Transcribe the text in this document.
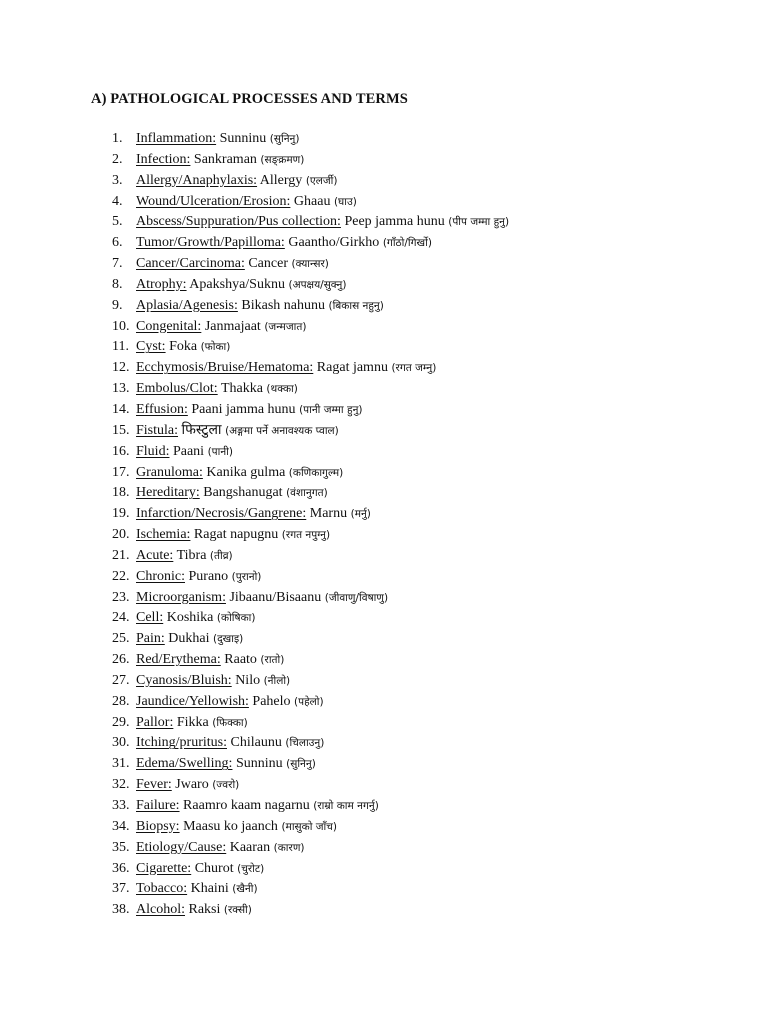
A) PATHOLOGICAL PROCESSES AND TERMS
1. Inflammation: Sunninu (सुनिनु)
2. Infection: Sankraman (सङ्क्रमण)
3. Allergy/Anaphylaxis: Allergy (एलर्जी)
4. Wound/Ulceration/Erosion: Ghaau (घाउ)
5. Abscess/Suppuration/Pus collection: Peep jamma hunu (पीप जम्मा हुनु)
6. Tumor/Growth/Papilloma: Gaantho/Girkho (गाँठो/गिर्खो)
7. Cancer/Carcinoma: Cancer (क्यान्सर)
8. Atrophy: Apakshya/Suknu (अपक्षय/सुक्नु)
9. Aplasia/Agenesis: Bikash nahunu (बिकास नहुनु)
10. Congenital: Janmajaat (जन्मजात)
11. Cyst: Foka (फोका)
12. Ecchymosis/Bruise/Hematoma: Ragat jamnu (रगत जम्नु)
13. Embolus/Clot: Thakka (थक्का)
14. Effusion: Paani jamma hunu (पानी जम्मा हुनु)
15. Fistula: फिस्टुला (अङ्गमा पर्ने अनावश्यक प्वाल)
16. Fluid: Paani (पानी)
17. Granuloma: Kanika gulma (कणिकागुल्म)
18. Hereditary: Bangshanugat (वंशानुगत)
19. Infarction/Necrosis/Gangrene: Marnu (मर्नु)
20. Ischemia: Ragat napugnu (रगत नपुग्नु)
21. Acute: Tibra (तीव्र)
22. Chronic: Purano (पुरानो)
23. Microorganism: Jibaanu/Bisaanu (जीवाणु/विषाणु)
24. Cell: Koshika (कोषिका)
25. Pain: Dukhai (दुखाइ)
26. Red/Erythema: Raato (रातो)
27. Cyanosis/Bluish: Nilo (नीलो)
28. Jaundice/Yellowish: Pahelo (पहेलो)
29. Pallor: Fikka (फिक्का)
30. Itching/pruritus: Chilaunu (चिलाउनु)
31. Edema/Swelling: Sunninu (सुनिनु)
32. Fever: Jwaro (ज्वरो)
33. Failure: Raamro kaam nagarnu (राम्रो काम नगर्नु)
34. Biopsy: Maasu ko jaanch (मासुको जाँच)
35. Etiology/Cause: Kaaran (कारण)
36. Cigarette: Churot (चुरोट)
37. Tobacco: Khaini (खैनी)
38. Alcohol: Raksi (रक्सी)
